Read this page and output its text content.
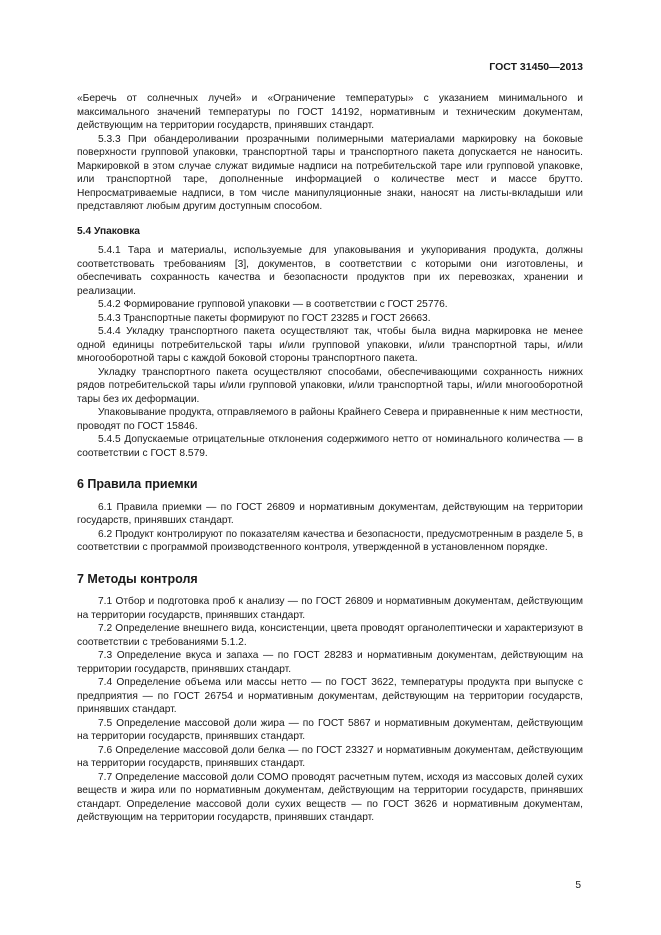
ГОСТ 31450—2013

«Беречь от солнечных лучей» и «Ограничение температуры» с указанием минимального и максимального значений температуры по ГОСТ 14192, нормативным и техническим документам, действующим на территории государств, принявших стандарт.

5.3.3 При обандероливании прозрачными полимерными материалами маркировку на боковые поверхности групповой упаковки, транспортной тары и транспортного пакета допускается не наносить. Маркировкой в этом случае служат видимые надписи на потребительской таре или групповой упаковке, или транспортной таре, дополненные информацией о количестве мест и массе брутто. Непросматриваемые надписи, в том числе манипуляционные знаки, наносят на листы-вкладыши или представляют любым другим доступным способом.

5.4 Упаковка

5.4.1 Тара и материалы, используемые для упаковывания и укупоривания продукта, должны соответствовать требованиям [3], документов, в соответствии с которыми они изготовлены, и обеспечивать сохранность качества и безопасности продуктов при их перевозках, хранении и реализации.

5.4.2 Формирование групповой упаковки — в соответствии с ГОСТ 25776.

5.4.3 Транспортные пакеты формируют по ГОСТ 23285 и ГОСТ 26663.

5.4.4 Укладку транспортного пакета осуществляют так, чтобы была видна маркировка не менее одной единицы потребительской тары и/или групповой упаковки, и/или транспортной тары, и/или многооборотной тары с каждой боковой стороны транспортного пакета.

Укладку транспортного пакета осуществляют способами, обеспечивающими сохранность нижних рядов потребительской тары и/или групповой упаковки, и/или транспортной тары, и/или многооборотной тары без их деформации.

Упаковывание продукта, отправляемого в районы Крайнего Севера и приравненные к ним местности, проводят по ГОСТ 15846.

5.4.5 Допускаемые отрицательные отклонения содержимого нетто от номинального количества — в соответствии с ГОСТ 8.579.

6 Правила приемки

6.1 Правила приемки — по ГОСТ 26809 и нормативным документам, действующим на территории государств, принявших стандарт.

6.2 Продукт контролируют по показателям качества и безопасности, предусмотренным в разделе 5, в соответствии с программой производственного контроля, утвержденной в установленном порядке.

7 Методы контроля

7.1 Отбор и подготовка проб к анализу — по ГОСТ 26809 и нормативным документам, действующим на территории государств, принявших стандарт.

7.2 Определение внешнего вида, консистенции, цвета проводят органолептически и характеризуют в соответствии с требованиями 5.1.2.

7.3 Определение вкуса и запаха — по ГОСТ 28283 и нормативным документам, действующим на территории государств, принявших стандарт.

7.4 Определение объема или массы нетто — по ГОСТ 3622, температуры продукта при выпуске с предприятия — по ГОСТ 26754 и нормативным документам, действующим на территории государств, принявших стандарт.

7.5 Определение массовой доли жира — по ГОСТ 5867 и нормативным документам, действующим на территории государств, принявших стандарт.

7.6 Определение массовой доли белка — по ГОСТ 23327 и нормативным документам, действующим на территории государств, принявших стандарт.

7.7 Определение массовой доли СОМО проводят расчетным путем, исходя из массовых долей сухих веществ и жира или по нормативным документам, действующим на территории государств, принявших стандарт. Определение массовой доли сухих веществ — по ГОСТ 3626 и нормативным документам, действующим на территории государств, принявших стандарт.

5
